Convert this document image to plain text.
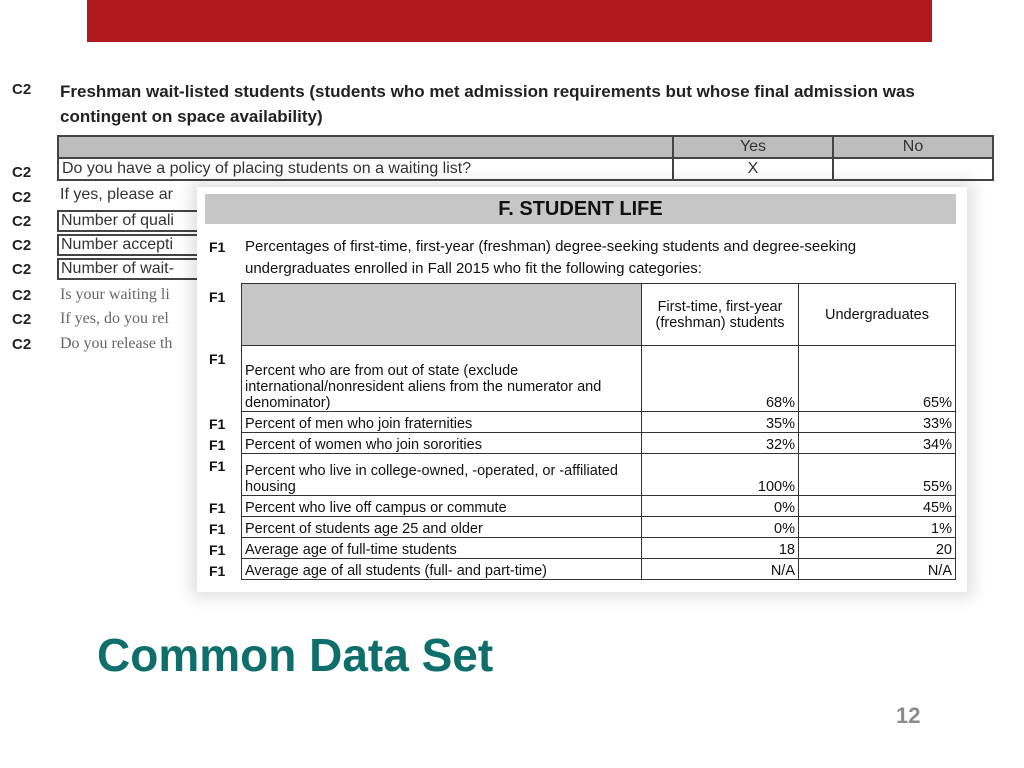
C2 Freshman wait-listed students (students who met admission requirements but whose final admission was contingent on space availability)
	Yes	No
Do you have a policy of placing students on a waiting list?	X	
C2
C2 If yes, please ar
C2 Number of quali
C2 Number accepti
C2 Number of wait-
C2 Is your waiting li
C2 If yes, do you rel
C2 Do you release th
F. STUDENT LIFE
F1 Percentages of first-time, first-year (freshman) degree-seeking students and degree-seeking undergraduates enrolled in Fall 2015 who fit the following categories:
F1
F1
F1
F1
F1
F1
F1
F1
F1
	First-time, first-year (freshman) students	Undergraduates
Percent who are from out of state (exclude international/nonresident aliens from the numerator and denominator)	68%	65%
Percent of men who join fraternities	35%	33%
Percent of women who join sororities	32%	34%
Percent who live in college-owned, -operated, or -affiliated housing	100%	55%
Percent who live off campus or commute	0%	45%
Percent of students age 25 and older	0%	1%
Average age of full-time students	18	20
Average age of all students (full- and part-time)	N/A	N/A
Common Data Set
12
